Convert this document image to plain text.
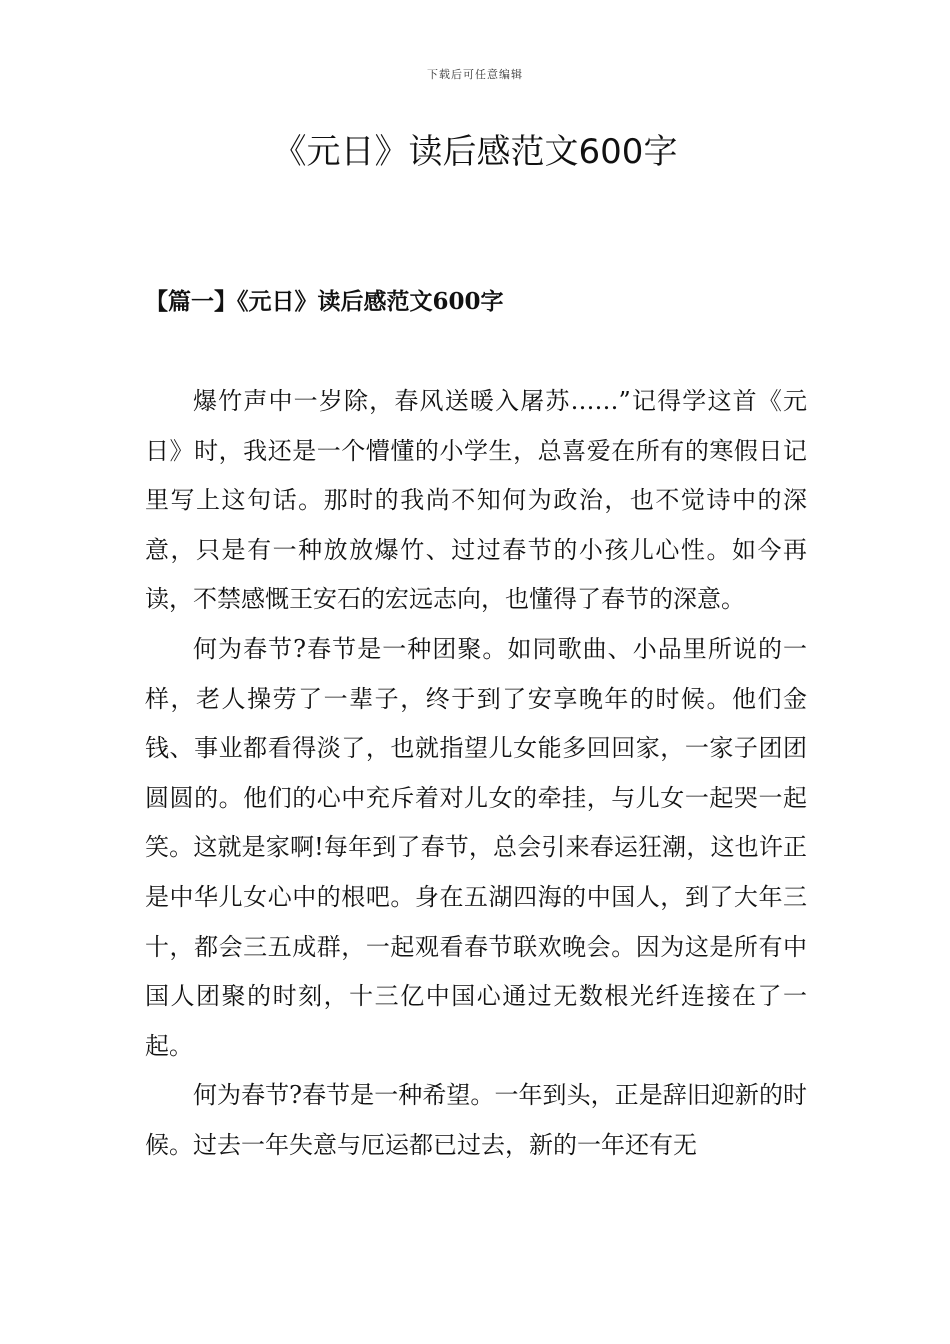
下载后可任意编辑
《元日》读后感范文600字
【篇一】《元日》读后感范文600字

爆竹声中一岁除，春风送暖入屠苏……”记得学这首《元日》时，我还是一个懵懂的小学生，总喜爱在所有的寒假日记里写上这句话。那时的我尚不知何为政治，也不觉诗中的深意，只是有一种放放爆竹、过过春节的小孩儿心性。如今再读，不禁感慨王安石的宏远志向，也懂得了春节的深意。

何为春节?春节是一种团聚。如同歌曲、小品里所说的一样，老人操劳了一辈子，终于到了安享晚年的时候。他们金钱、事业都看得淡了，也就指望儿女能多回回家，一家子团团圆圆的。他们的心中充斥着对儿女的牵挂，与儿女一起哭一起笑。这就是家啊!每年到了春节，总会引来春运狂潮，这也许正是中华儿女心中的根吧。身在五湖四海的中国人，到了大年三十，都会三五成群，一起观看春节联欢晚会。因为这是所有中国人团聚的时刻，十三亿中国心通过无数根光纤连接在了一起。

何为春节?春节是一种希望。一年到头，正是辞旧迎新的时候。过去一年失意与厄运都已过去，新的一年还有无
